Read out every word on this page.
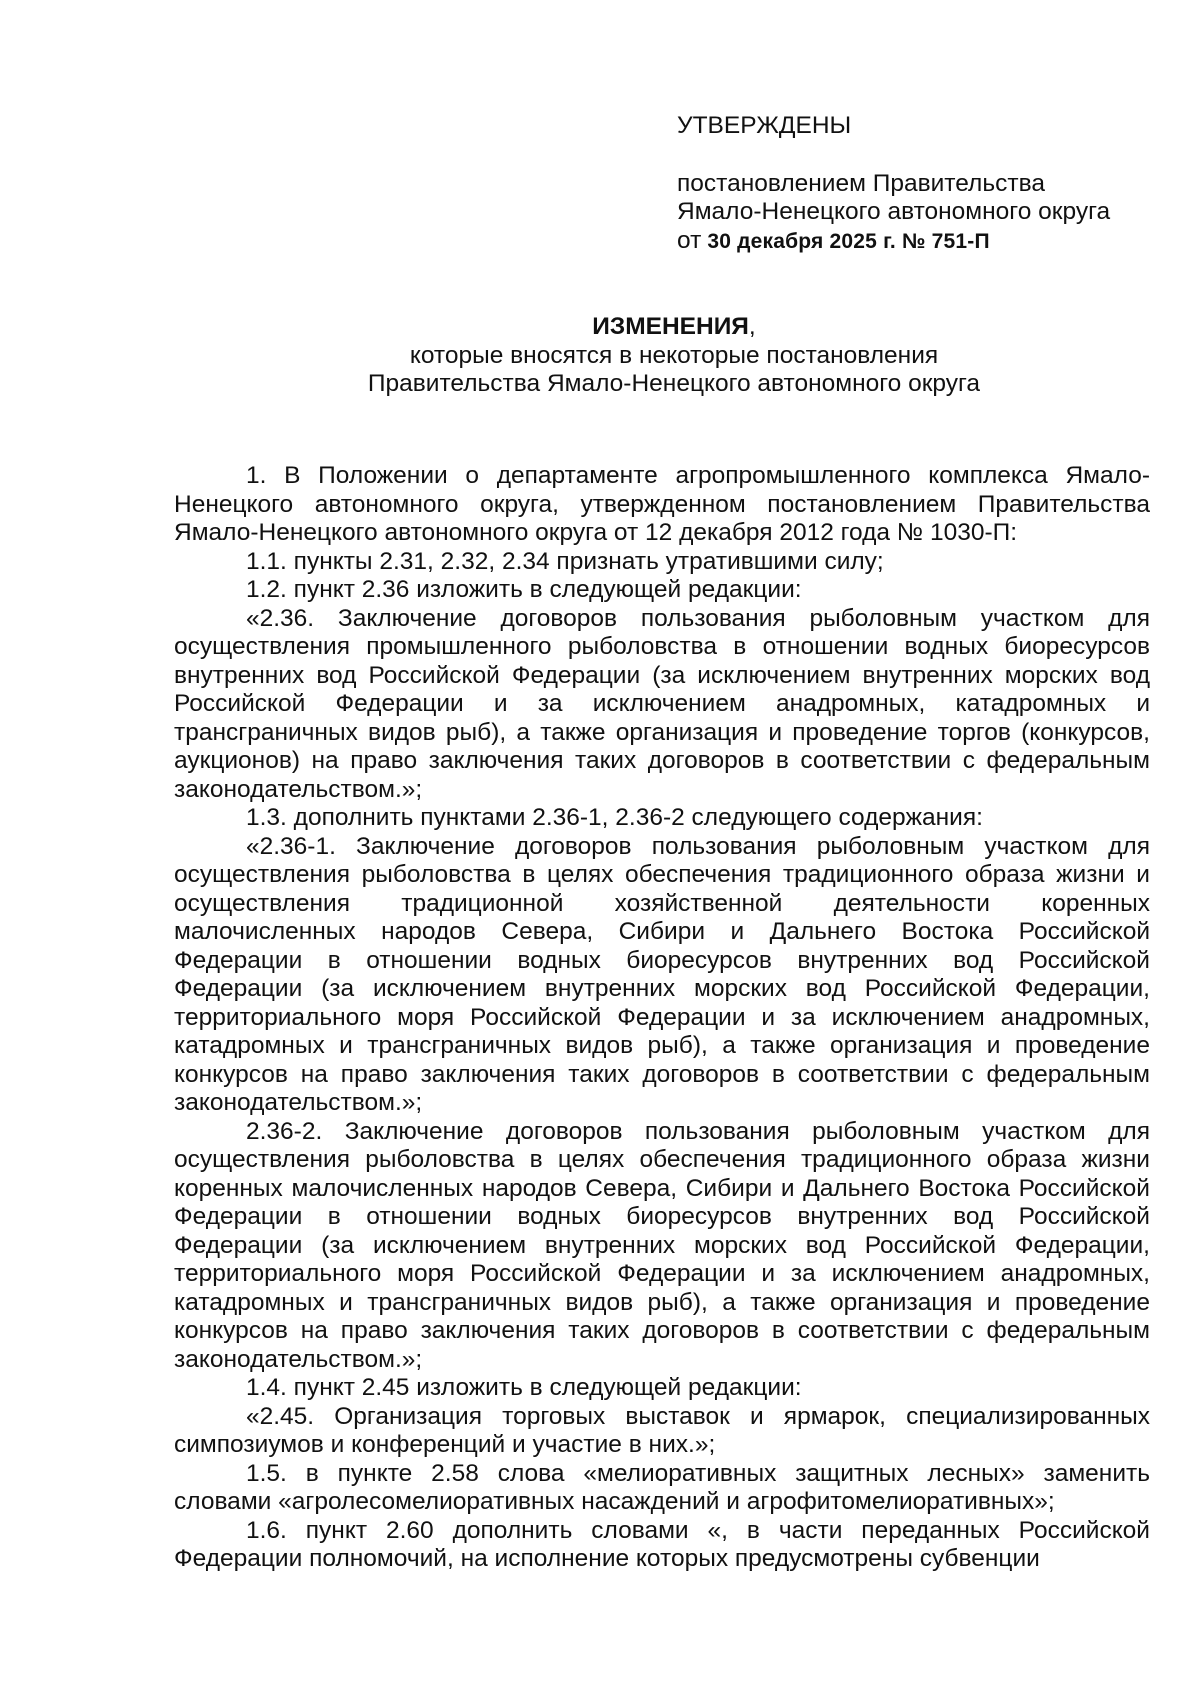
УТВЕРЖДЕНЫ

постановлением Правительства

Ямало-Ненецкого автономного округа

от 30 декабря 2025 г. № 751-П

ИЗМЕНЕНИЯ,

которые вносятся в некоторые постановления

Правительства Ямало-Ненецкого автономного округа

1. В Положении о департаменте агропромышленного комплекса Ямало-Ненецкого автономного округа, утвержденном постановлением Правительства Ямало-Ненецкого автономного округа от 12 декабря 2012 года № 1030-П:

1.1. пункты 2.31, 2.32, 2.34 признать утратившими силу;

1.2. пункт 2.36 изложить в следующей редакции:

«2.36. Заключение договоров пользования рыболовным участком для осуществления промышленного рыболовства в отношении водных биоресурсов внутренних вод Российской Федерации (за исключением внутренних морских вод Российской Федерации и за исключением анадромных, катадромных и трансграничных видов рыб), а также организация и проведение торгов (конкурсов, аукционов) на право заключения таких договоров в соответствии с федеральным законодательством.»;

1.3. дополнить пунктами 2.36-1, 2.36-2 следующего содержания:

«2.36-1. Заключение договоров пользования рыболовным участком для осуществления рыболовства в целях обеспечения традиционного образа жизни и осуществления традиционной хозяйственной деятельности коренных малочисленных народов Севера, Сибири и Дальнего Востока Российской Федерации в отношении водных биоресурсов внутренних вод Российской Федерации (за исключением внутренних морских вод Российской Федерации, территориального моря Российской Федерации и за исключением анадромных, катадромных и трансграничных видов рыб), а также организация и проведение конкурсов на право заключения таких договоров в соответствии с федеральным законодательством.»;

2.36-2. Заключение договоров пользования рыболовным участком для осуществления рыболовства в целях обеспечения традиционного образа жизни коренных малочисленных народов Севера, Сибири и Дальнего Востока Российской Федерации в отношении водных биоресурсов внутренних вод Российской Федерации (за исключением внутренних морских вод Российской Федерации, территориального моря Российской Федерации и за исключением анадромных, катадромных и трансграничных видов рыб), а также организация и проведение конкурсов на право заключения таких договоров в соответствии с федеральным законодательством.»;

1.4. пункт 2.45 изложить в следующей редакции:

«2.45. Организация торговых выставок и ярмарок, специализированных симпозиумов и конференций и участие в них.»;

1.5. в пункте 2.58 слова «мелиоративных защитных лесных» заменить словами «агролесомелиоративных насаждений и агрофитомелиоративных»;

1.6. пункт 2.60 дополнить словами «, в части переданных Российской Федерации полномочий, на исполнение которых предусмотрены субвенции
